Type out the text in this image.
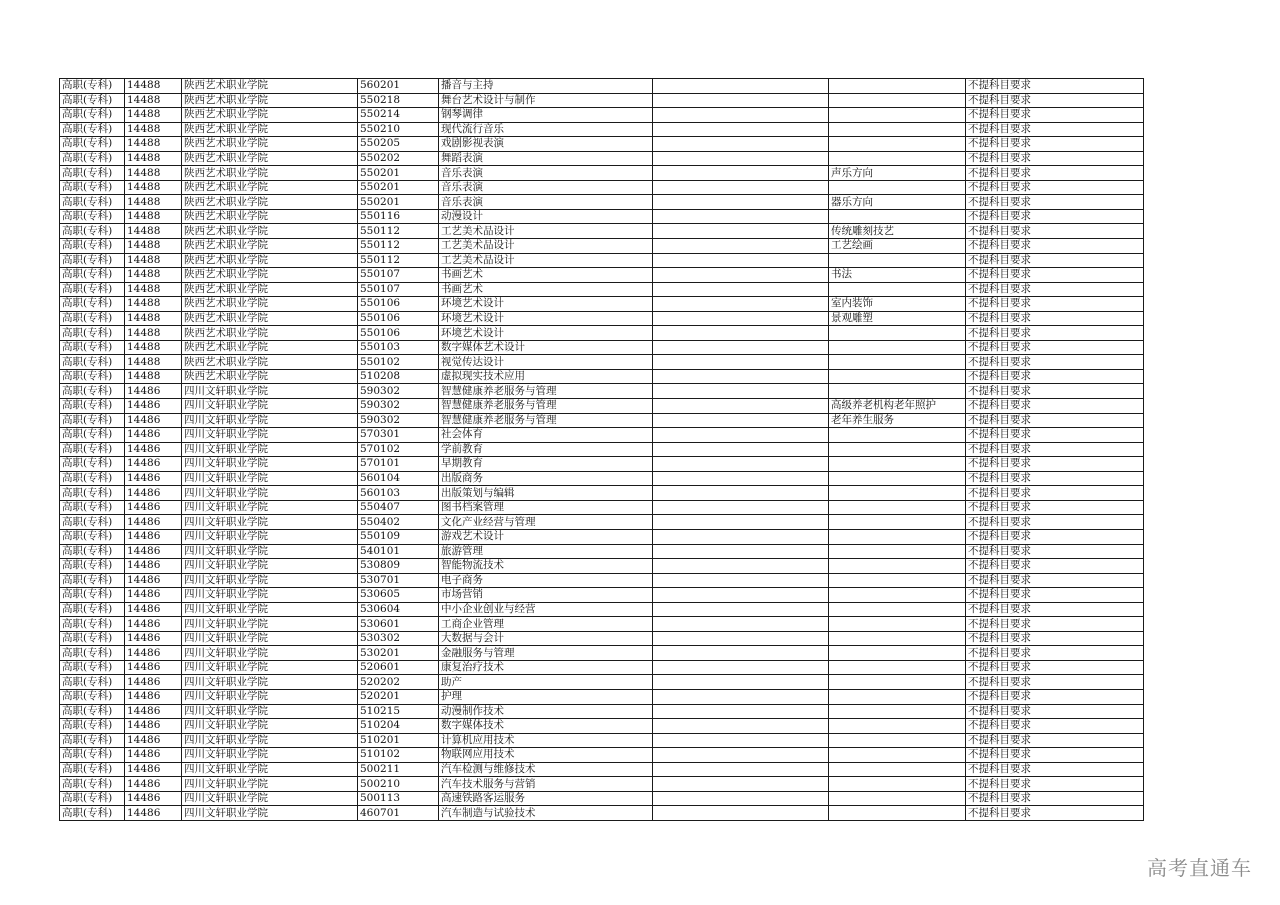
高职(专科)	14488	陕西艺术职业学院	560201	播音与主持			不提科目要求
高职(专科)	14488	陕西艺术职业学院	550218	舞台艺术设计与制作			不提科目要求
高职(专科)	14488	陕西艺术职业学院	550214	钢琴调律			不提科目要求
高职(专科)	14488	陕西艺术职业学院	550210	现代流行音乐			不提科目要求
高职(专科)	14488	陕西艺术职业学院	550205	戏剧影视表演			不提科目要求
高职(专科)	14488	陕西艺术职业学院	550202	舞蹈表演			不提科目要求
高职(专科)	14488	陕西艺术职业学院	550201	音乐表演		声乐方向	不提科目要求
高职(专科)	14488	陕西艺术职业学院	550201	音乐表演			不提科目要求
高职(专科)	14488	陕西艺术职业学院	550201	音乐表演		器乐方向	不提科目要求
高职(专科)	14488	陕西艺术职业学院	550116	动漫设计			不提科目要求
高职(专科)	14488	陕西艺术职业学院	550112	工艺美术品设计		传统雕刻技艺	不提科目要求
高职(专科)	14488	陕西艺术职业学院	550112	工艺美术品设计		工艺绘画	不提科目要求
高职(专科)	14488	陕西艺术职业学院	550112	工艺美术品设计			不提科目要求
高职(专科)	14488	陕西艺术职业学院	550107	书画艺术		书法	不提科目要求
高职(专科)	14488	陕西艺术职业学院	550107	书画艺术			不提科目要求
高职(专科)	14488	陕西艺术职业学院	550106	环境艺术设计		室内装饰	不提科目要求
高职(专科)	14488	陕西艺术职业学院	550106	环境艺术设计		景观雕塑	不提科目要求
高职(专科)	14488	陕西艺术职业学院	550106	环境艺术设计			不提科目要求
高职(专科)	14488	陕西艺术职业学院	550103	数字媒体艺术设计			不提科目要求
高职(专科)	14488	陕西艺术职业学院	550102	视觉传达设计			不提科目要求
高职(专科)	14488	陕西艺术职业学院	510208	虚拟现实技术应用			不提科目要求
高职(专科)	14486	四川文轩职业学院	590302	智慧健康养老服务与管理			不提科目要求
高职(专科)	14486	四川文轩职业学院	590302	智慧健康养老服务与管理		高级养老机构老年照护	不提科目要求
高职(专科)	14486	四川文轩职业学院	590302	智慧健康养老服务与管理		老年养生服务	不提科目要求
高职(专科)	14486	四川文轩职业学院	570301	社会体育			不提科目要求
高职(专科)	14486	四川文轩职业学院	570102	学前教育			不提科目要求
高职(专科)	14486	四川文轩职业学院	570101	早期教育			不提科目要求
高职(专科)	14486	四川文轩职业学院	560104	出版商务			不提科目要求
高职(专科)	14486	四川文轩职业学院	560103	出版策划与编辑			不提科目要求
高职(专科)	14486	四川文轩职业学院	550407	图书档案管理			不提科目要求
高职(专科)	14486	四川文轩职业学院	550402	文化产业经营与管理			不提科目要求
高职(专科)	14486	四川文轩职业学院	550109	游戏艺术设计			不提科目要求
高职(专科)	14486	四川文轩职业学院	540101	旅游管理			不提科目要求
高职(专科)	14486	四川文轩职业学院	530809	智能物流技术			不提科目要求
高职(专科)	14486	四川文轩职业学院	530701	电子商务			不提科目要求
高职(专科)	14486	四川文轩职业学院	530605	市场营销			不提科目要求
高职(专科)	14486	四川文轩职业学院	530604	中小企业创业与经营			不提科目要求
高职(专科)	14486	四川文轩职业学院	530601	工商企业管理			不提科目要求
高职(专科)	14486	四川文轩职业学院	530302	大数据与会计			不提科目要求
高职(专科)	14486	四川文轩职业学院	530201	金融服务与管理			不提科目要求
高职(专科)	14486	四川文轩职业学院	520601	康复治疗技术			不提科目要求
高职(专科)	14486	四川文轩职业学院	520202	助产			不提科目要求
高职(专科)	14486	四川文轩职业学院	520201	护理			不提科目要求
高职(专科)	14486	四川文轩职业学院	510215	动漫制作技术			不提科目要求
高职(专科)	14486	四川文轩职业学院	510204	数字媒体技术			不提科目要求
高职(专科)	14486	四川文轩职业学院	510201	计算机应用技术			不提科目要求
高职(专科)	14486	四川文轩职业学院	510102	物联网应用技术			不提科目要求
高职(专科)	14486	四川文轩职业学院	500211	汽车检测与维修技术			不提科目要求
高职(专科)	14486	四川文轩职业学院	500210	汽车技术服务与营销			不提科目要求
高职(专科)	14486	四川文轩职业学院	500113	高速铁路客运服务			不提科目要求
高职(专科)	14486	四川文轩职业学院	460701	汽车制造与试验技术			不提科目要求
高考直通车
